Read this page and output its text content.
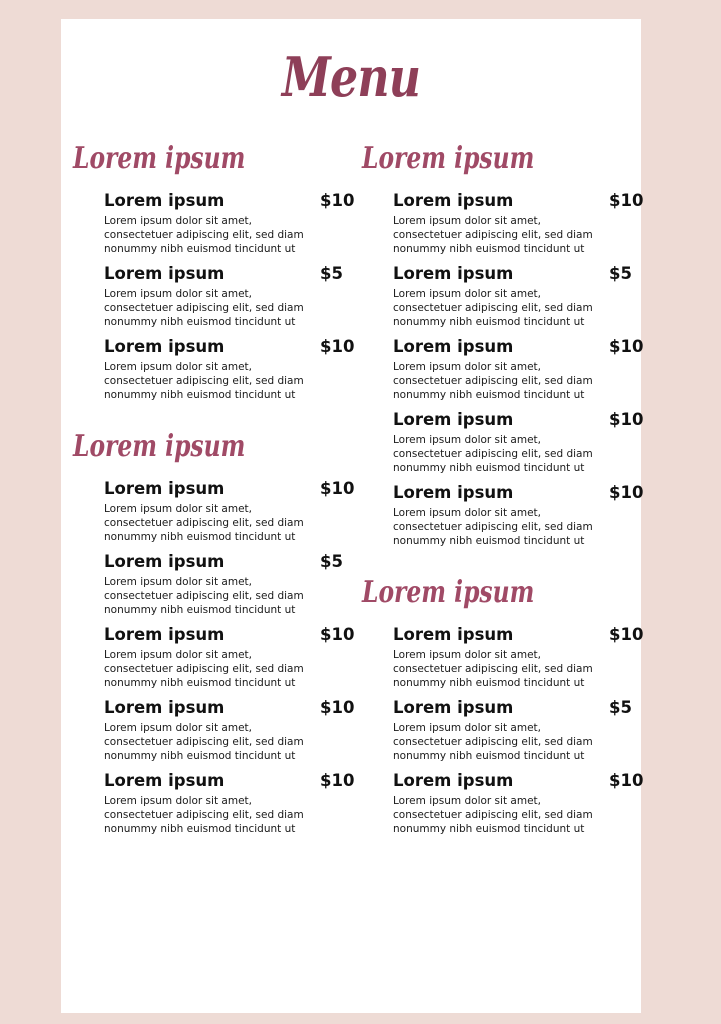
Menu
Lorem ipsum
Lorem ipsum	$10
Lorem ipsum dolor sit amet,
consectetuer adipiscing elit, sed diam
nonummy nibh euismod tincidunt ut
Lorem ipsum	$5
Lorem ipsum dolor sit amet,
consectetuer adipiscing elit, sed diam
nonummy nibh euismod tincidunt ut
Lorem ipsum	$10
Lorem ipsum dolor sit amet,
consectetuer adipiscing elit, sed diam
nonummy nibh euismod tincidunt ut
Lorem ipsum
Lorem ipsum	$10
Lorem ipsum dolor sit amet,
consectetuer adipiscing elit, sed diam
nonummy nibh euismod tincidunt ut
Lorem ipsum	$5
Lorem ipsum dolor sit amet,
consectetuer adipiscing elit, sed diam
nonummy nibh euismod tincidunt ut
Lorem ipsum	$10
Lorem ipsum dolor sit amet,
consectetuer adipiscing elit, sed diam
nonummy nibh euismod tincidunt ut
Lorem ipsum	$10
Lorem ipsum dolor sit amet,
consectetuer adipiscing elit, sed diam
nonummy nibh euismod tincidunt ut
Lorem ipsum	$10
Lorem ipsum dolor sit amet,
consectetuer adipiscing elit, sed diam
nonummy nibh euismod tincidunt ut
Lorem ipsum
Lorem ipsum	$10
Lorem ipsum dolor sit amet,
consectetuer adipiscing elit, sed diam
nonummy nibh euismod tincidunt ut
Lorem ipsum	$5
Lorem ipsum dolor sit amet,
consectetuer adipiscing elit, sed diam
nonummy nibh euismod tincidunt ut
Lorem ipsum	$10
Lorem ipsum dolor sit amet,
consectetuer adipiscing elit, sed diam
nonummy nibh euismod tincidunt ut
Lorem ipsum	$10
Lorem ipsum dolor sit amet,
consectetuer adipiscing elit, sed diam
nonummy nibh euismod tincidunt ut
Lorem ipsum	$10
Lorem ipsum dolor sit amet,
consectetuer adipiscing elit, sed diam
nonummy nibh euismod tincidunt ut
Lorem ipsum
Lorem ipsum	$10
Lorem ipsum dolor sit amet,
consectetuer adipiscing elit, sed diam
nonummy nibh euismod tincidunt ut
Lorem ipsum	$5
Lorem ipsum dolor sit amet,
consectetuer adipiscing elit, sed diam
nonummy nibh euismod tincidunt ut
Lorem ipsum	$10
Lorem ipsum dolor sit amet,
consectetuer adipiscing elit, sed diam
nonummy nibh euismod tincidunt ut
